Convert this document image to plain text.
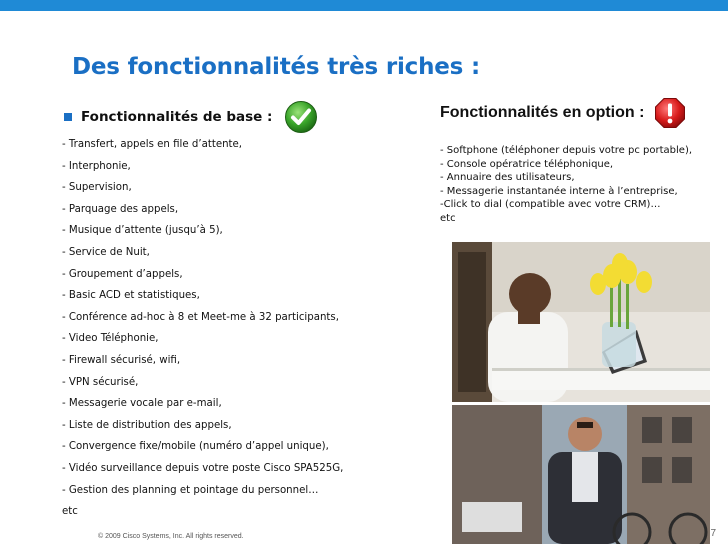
Des fonctionnalités très riches :
Fonctionnalités de base :
- Transfert, appels en file d’attente,
- Interphonie,
- Supervision,
- Parquage des appels,
- Musique d’attente (jusqu’à 5),
- Service de Nuit,
- Groupement d’appels,
- Basic ACD et statistiques,
- Conférence ad-hoc à 8 et Meet-me à 32 participants,
- Video Téléphonie,
- Firewall sécurisé, wifi,
- VPN sécurisé,
- Messagerie vocale par e-mail,
- Liste de distribution des appels,
- Convergence fixe/mobile (numéro d’appel unique),
- Vidéo surveillance depuis votre poste Cisco SPA525G,
- Gestion des planning et pointage du personnel…
etc
Fonctionnalités en option :
- Softphone (téléphoner depuis votre pc portable),
- Console opératrice téléphonique,
- Annuaire des utilisateurs,
- Messagerie instantanée interne à l’entreprise,
-Click to dial (compatible avec votre CRM)…
etc
© 2009 Cisco Systems, Inc. All rights reserved.	7
